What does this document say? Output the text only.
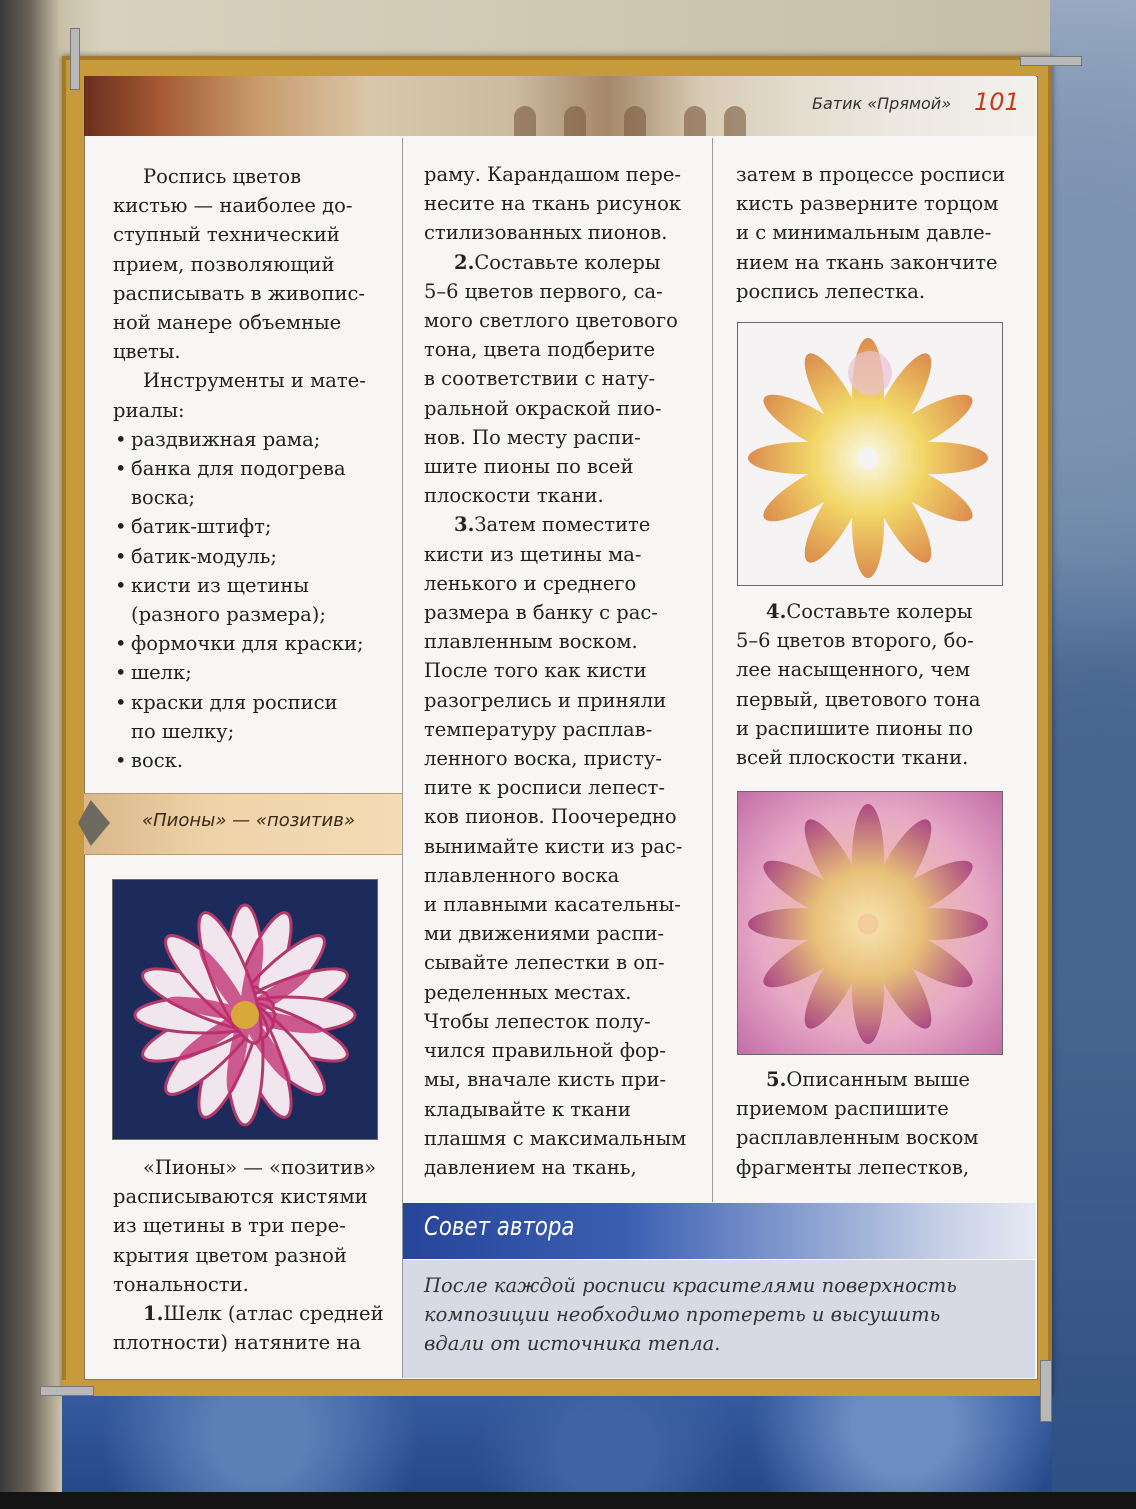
Батик «Прямой» 101

Роспись цветов

кистью — наиболее до-

ступный технический

прием, позволяющий

расписывать в живопис-

ной манере объемные

цветы.

Инструменты и мате-

риалы:

• раздвижная рама;
• банка для подогрева воска;
• батик-штифт;
• батик-модуль;
• кисти из щетины (разного размера);
• формочки для краски;
• шелк;
• краски для росписи по шелку;
• воск.
«Пионы» — «позитив»

«Пионы» — «позитив»

расписываются кистями

из щетины в три пере-

крытия цветом разной

тональности.

1.Шелк (атлас средней

плотности) натяните на

раму. Карандашом пере-

несите на ткань рисунок

стилизованных пионов.

2.Составьте колеры

5–6 цветов первого, са-

мого светлого цветового

тона, цвета подберите

в соответствии с нату-

ральной окраской пио-

нов. По месту распи-

шите пионы по всей

плоскости ткани.

3.Затем поместите

кисти из щетины ма-

ленького и среднего

размера в банку с рас-

плавленным воском.

После того как кисти

разогрелись и приняли

температуру расплав-

ленного воска, присту-

пите к росписи лепест-

ков пионов. Поочередно

вынимайте кисти из рас-

плавленного воска

и плавными касательны-

ми движениями распи-

сывайте лепестки в оп-

ределенных местах.

Чтобы лепесток полу-

чился правильной фор-

мы, вначале кисть при-

кладывайте к ткани

плашмя с максимальным

давлением на ткань,

затем в процессе росписи

кисть разверните торцом

и с минимальным давле-

нием на ткань закончите

роспись лепестка.

4.Составьте колеры

5–6 цветов второго, бо-

лее насыщенного, чем

первый, цветового тона

и распишите пионы по

всей плоскости ткани.

5.Описанным выше

приемом распишите

расплавленным воском

фрагменты лепестков,

Совет автора
После каждой росписи красителями поверхность
композиции необходимо протереть и высушить
вдали от источника тепла.
